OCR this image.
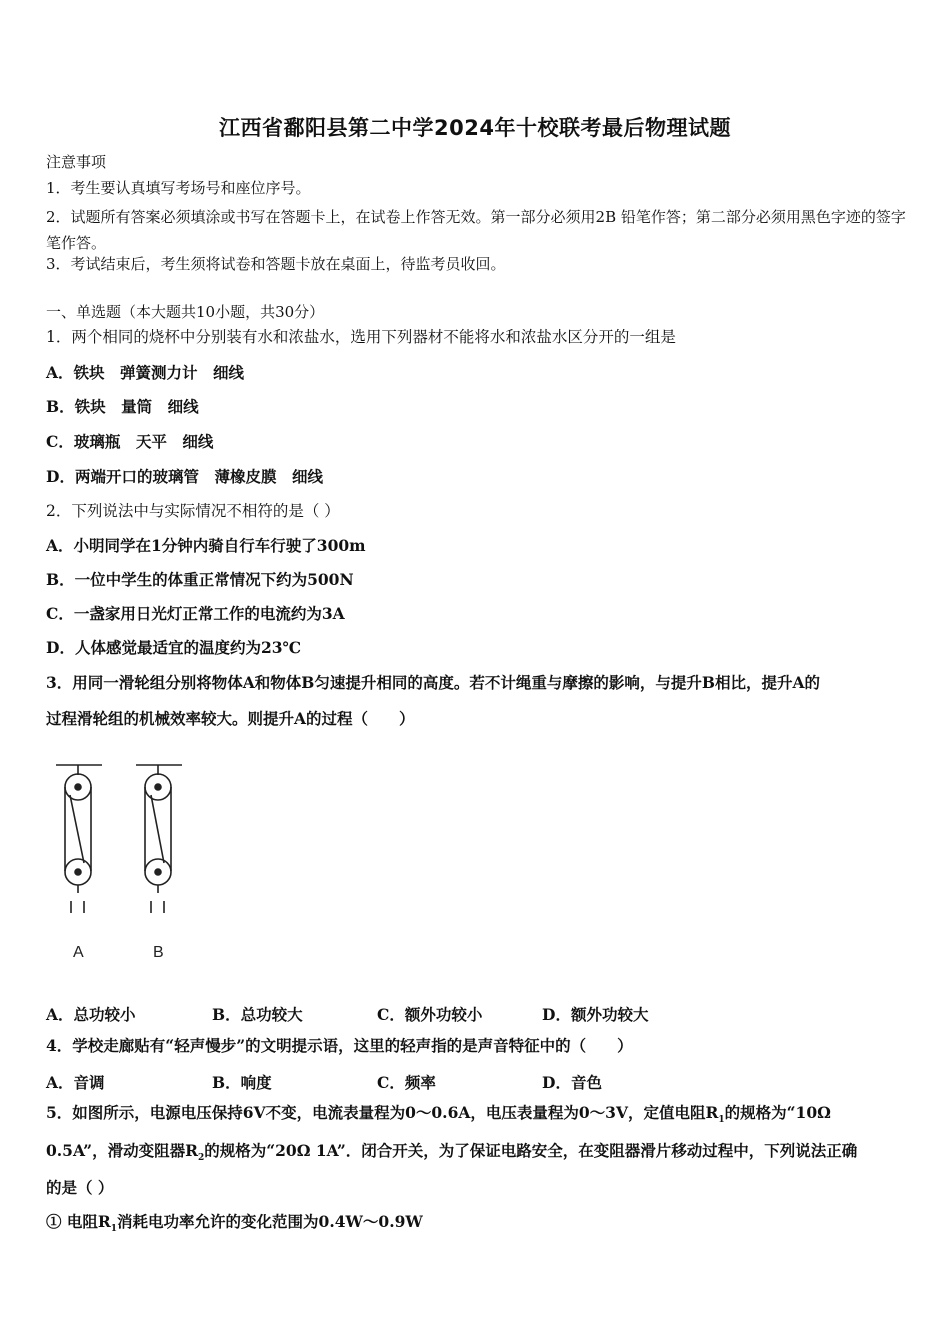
江西省鄱阳县第二中学2024年十校联考最后物理试题
注意事项
1．考生要认真填写考场号和座位序号。
2．试题所有答案必须填涂或书写在答题卡上，在试卷上作答无效。第一部分必须用2B 铅笔作答；第二部分必须用黑色字迹的签字笔作答。
3．考试结束后，考生须将试卷和答题卡放在桌面上，待监考员收回。
一、单选题（本大题共10小题，共30分）
1．两个相同的烧杯中分别装有水和浓盐水，选用下列器材不能将水和浓盐水区分开的一组是
A．铁块　弹簧测力计　细线
B．铁块　量筒　细线
C．玻璃瓶　天平　细线
D．两端开口的玻璃管　薄橡皮膜　细线
2．下列说法中与实际情况不相符的是（ ）
A．小明同学在1分钟内骑自行车行驶了300m
B．一位中学生的体重正常情况下约为500N
C．一盏家用日光灯正常工作的电流约为3A
D．人体感觉最适宜的温度约为23℃
3．用同一滑轮组分别将物体A和物体B匀速提升相同的高度。若不计绳重与摩擦的影响，与提升B相比，提升A的
过程滑轮组的机械效率较大。则提升A的过程（　　）
A	B
A．总功较小	B．总功较大	C．额外功较小	D．额外功较大
4．学校走廊贴有“轻声慢步”的文明提示语，这里的轻声指的是声音特征中的（　　）
A．音调	B．响度	C．频率	D．音色
5．如图所示，电源电压保持6V不变，电流表量程为0～0.6A，电压表量程为0～3V，定值电阻$R_1$的规格为“10Ω
0.5A”，滑动变阻器$R_2$的规格为“20Ω 1A”．闭合开关，为了保证电路安全，在变阻器滑片移动过程中，下列说法正确
的是（ ）
① 电阻$R_1$消耗电功率允许的变化范围为0.4W～0.9W
